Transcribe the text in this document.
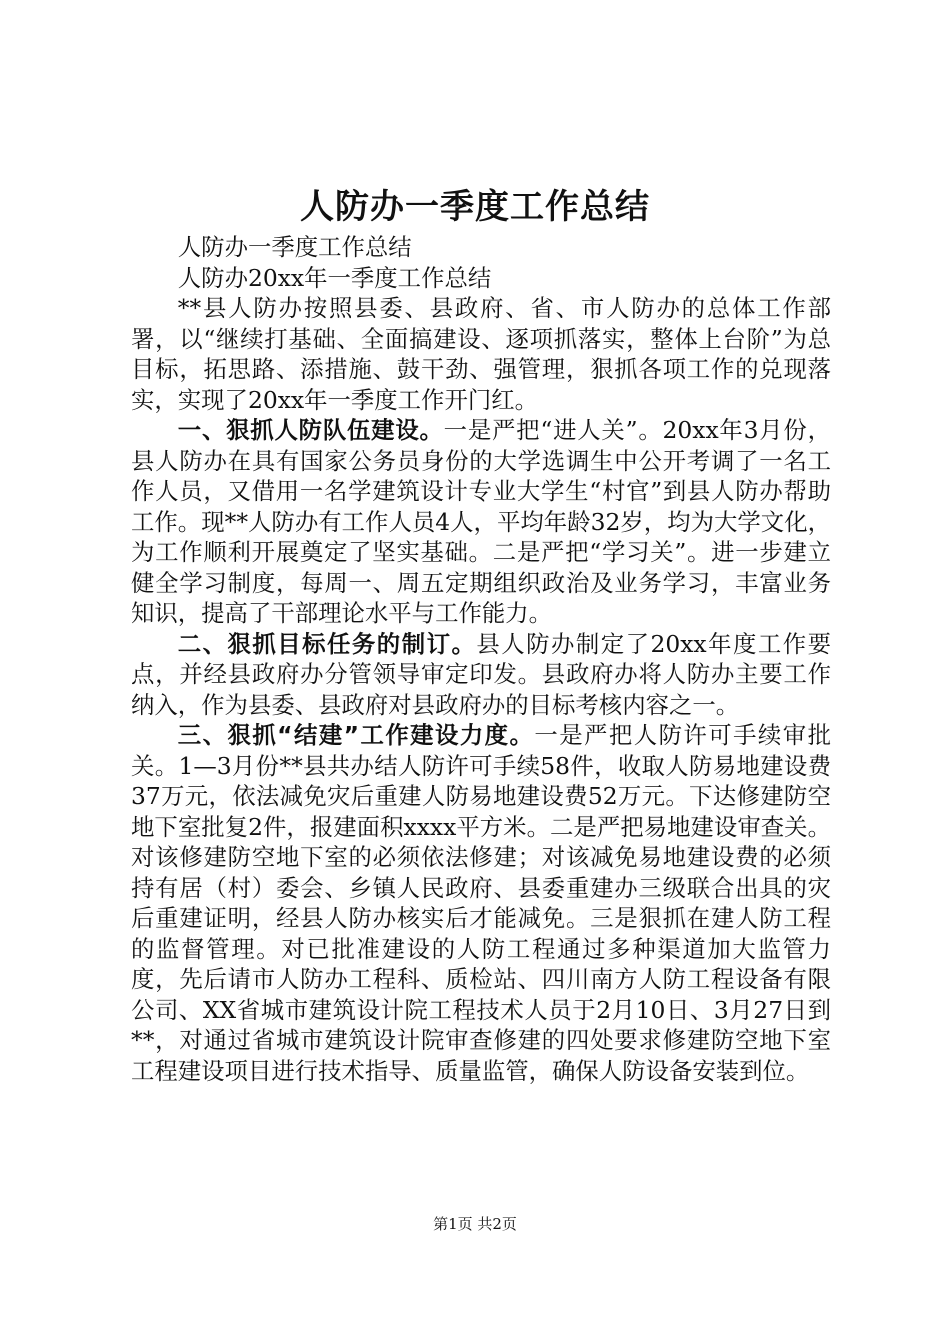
人防办一季度工作总结

人防办一季度工作总结

人防办20xx年一季度工作总结

**县人防办按照县委、县政府、省、市人防办的总体工作部署，以“继续打基础、全面搞建设、逐项抓落实，整体上台阶”为总目标，拓思路、添措施、鼓干劲、强管理，狠抓各项工作的兑现落实，实现了20xx年一季度工作开门红。

一、狠抓人防队伍建设。一是严把“进人关”。20xx年3月份，县人防办在具有国家公务员身份的大学选调生中公开考调了一名工作人员，又借用一名学建筑设计专业大学生“村官”到县人防办帮助工作。现**人防办有工作人员4人，平均年龄32岁，均为大学文化，为工作顺利开展奠定了坚实基础。二是严把“学习关”。进一步建立健全学习制度，每周一、周五定期组织政治及业务学习，丰富业务知识，提高了干部理论水平与工作能力。

二、狠抓目标任务的制订。县人防办制定了20xx年度工作要点，并经县政府办分管领导审定印发。县政府办将人防办主要工作纳入，作为县委、县政府对县政府办的目标考核内容之一。

三、狠抓“结建”工作建设力度。一是严把人防许可手续审批关。1—3月份**县共办结人防许可手续58件，收取人防易地建设费37万元，依法减免灾后重建人防易地建设费52万元。下达修建防空地下室批复2件，报建面积xxxx平方米。二是严把易地建设审查关。对该修建防空地下室的必须依法修建；对该减免易地建设费的必须持有居（村）委会、乡镇人民政府、县委重建办三级联合出具的灾后重建证明，经县人防办核实后才能减免。三是狠抓在建人防工程的监督管理。对已批准建设的人防工程通过多种渠道加大监管力度，先后请市人防办工程科、质检站、四川南方人防工程设备有限公司、XX省城市建筑设计院工程技术人员于2月10日、3月27日到**，对通过省城市建筑设计院审查修建的四处要求修建防空地下室工程建设项目进行技术指导、质量监管，确保人防设备安装到位。

第1页 共2页
